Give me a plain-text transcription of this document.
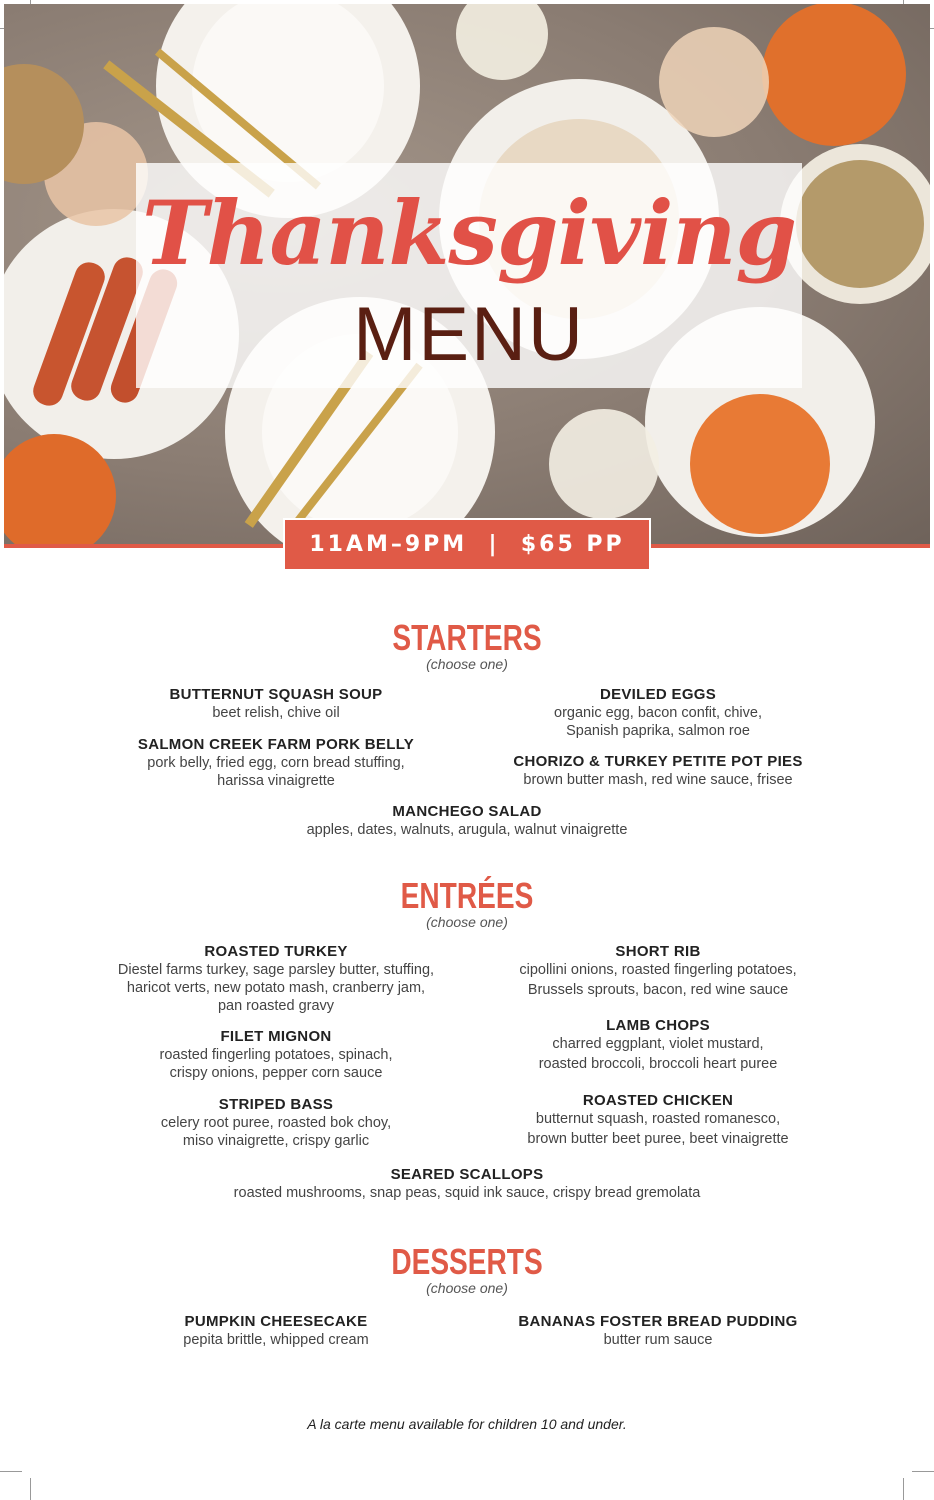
Thanksgiving
MENU
11AM–9PM  |  $65 PP
STARTERS
(choose one)
BUTTERNUT SQUASH SOUP
beet relish, chive oil
DEVILED EGGS
organic egg, bacon confit, chive,
Spanish paprika, salmon roe
SALMON CREEK FARM PORK BELLY
pork belly, fried egg, corn bread stuffing,
harissa vinaigrette
CHORIZO & TURKEY PETITE POT PIES
brown butter mash, red wine sauce, frisee
MANCHEGO SALAD
apples, dates, walnuts, arugula, walnut vinaigrette
ENTRÉES
(choose one)
ROASTED TURKEY
Diestel farms turkey, sage parsley butter, stuffing,
haricot verts, new potato mash, cranberry jam,
pan roasted gravy
SHORT RIB
cipollini onions, roasted fingerling potatoes,
Brussels sprouts, bacon, red wine sauce
FILET MIGNON
roasted fingerling potatoes, spinach,
crispy onions, pepper corn sauce
LAMB CHOPS
charred eggplant, violet mustard,
roasted broccoli, broccoli heart puree
STRIPED BASS
celery root puree, roasted bok choy,
miso vinaigrette, crispy garlic
ROASTED CHICKEN
butternut squash, roasted romanesco,
brown butter beet puree, beet vinaigrette
SEARED SCALLOPS
roasted mushrooms, snap peas, squid ink sauce, crispy bread gremolata
DESSERTS
(choose one)
PUMPKIN CHEESECAKE
pepita brittle, whipped cream
BANANAS FOSTER BREAD PUDDING
butter rum sauce
A la carte menu available for children 10 and under.
